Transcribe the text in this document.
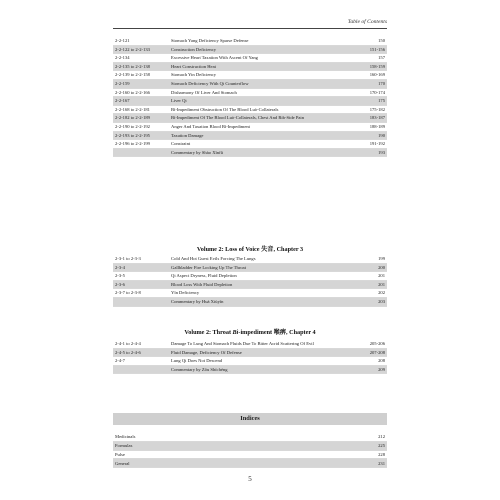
Table of Contents
2-2-121	Stomach Yang Deficiency Sparse Defense	150
2-2-122 to 2-2-133	Construction Deficiency	151-156
2-2-134	Excessive Heart Taxation With Ascent Of Yang	157
2-2-135 to 2-2-138	Heart Construction Heat	158-159
2-2-139 to 2-2-158	Stomach Yin Deficiency	160-169
2-2-159	Stomach Deficiency With Qi Counterflow	170
2-2-160 to 2-2-166	Disharmony Of Liver And Stomach	170-174
2-2-167	Liver Qi	175
2-2-168 to 2-2-181	Bì-Impediment Obstruction Of The Blood Luò-Collaterals	175-182
2-2-182 to 2-2-189	Bì-Impediment Of The Blood Luò-Collaterals, Chest And Rib-Side Pain	183-187
2-2-190 to 2-2-192	Anger And Taxation Blood Bì-Impediment	188-189
2-2-193 to 2-2-195	Taxation Damage	190
2-2-196 to 2-2-199	Constraint	191-192
	Commentary by Shào Xīnfǔ	193
Volume 2: Loss of Voice 失音, Chapter 3
2-3-1 to 2-3-3	Cold And Hot Guest Evils Forcing The Lungs	199
2-3-4	Gallbladder Fire Locking Up The Throat	200
2-3-5	Qi Aspect Dryness, Fluid Depletion	201
2-3-6	Blood Loss With Fluid Depletion	201
2-3-7 to 2-3-8	Yīn Deficiency	202
	Commentary by Huà Xiùyīn	203
Volume 2: Throat Bì-impediment 喉痹, Chapter 4
2-4-1 to 2-4-4	Damage To Lung And Stomach Fluids Due To Bitter Acrid Scattering Of Evil	205-206
2-4-5 to 2-4-6	Fluid Damage, Deficiency Of Defense	207-208
2-4-7	Lung Qi Does Not Descend	208
	Commentary by Zōu Shíchéng	209
Indices
Medicinals	212
Formulas	225
Pulse	228
General	231
5
